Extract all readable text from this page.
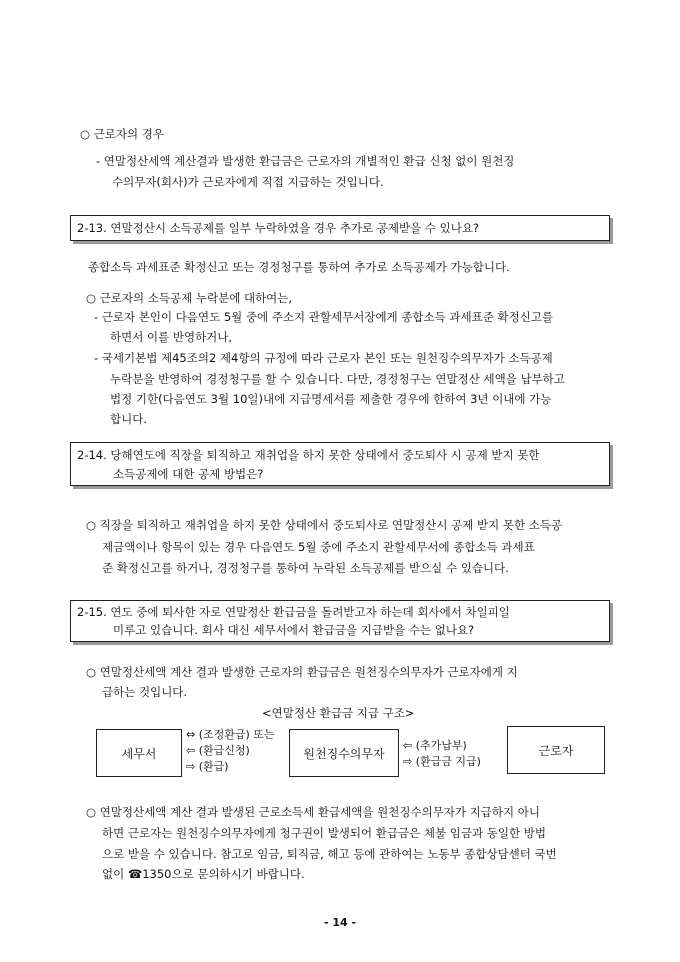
○ 근로자의 경우
- 연말정산세액 계산결과 발생한 환급금은 근로자의 개별적인 환급 신청 없이 원천징
수의무자(회사)가 근로자에게 직접 지급하는 것입니다.
2-13. 연말정산시 소득공제를 일부 누락하였을 경우 추가로 공제받을 수 있나요?
종합소득 과세표준 확정신고 또는 경정청구를 통하여 추가로 소득공제가 가능합니다.
○ 근로자의 소득공제 누락분에 대하여는,
- 근로자 본인이 다음연도 5월 중에 주소지 관할세무서장에게 종합소득 과세표준 확정신고를
하면서 이를 반영하거나,
- 국세기본법 제45조의2 제4항의 규정에 따라 근로자 본인 또는 원천징수의무자가 소득공제
누락분을 반영하여 경정청구를 할 수 있습니다. 다만, 경정청구는 연말정산 세액을 납부하고
법정 기한(다음연도 3월 10일)내에 지급명세서를 제출한 경우에 한하여 3년 이내에 가능
합니다.
2-14. 당해연도에 직장을 퇴직하고 재취업을 하지 못한 상태에서 중도퇴사 시 공제 받지 못한
소득공제에 대한 공제 방법은?
○ 직장을 퇴직하고 재취업을 하지 못한 상태에서 중도퇴사로 연말정산시 공제 받지 못한 소득공
제금액이나 항목이 있는 경우 다음연도 5월 중에 주소지 관할세무서에 종합소득 과세표
준 확정신고를 하거나, 경정청구를 통하여 누락된 소득공제를 받으실 수 있습니다.
2-15. 연도 중에 퇴사한 자로 연말정산 환급금을 돌려받고자 하는데 회사에서 차일피일
미루고 있습니다. 회사 대신 세무서에서 환급금을 지급받을 수는 없나요?
○ 연말정산세액 계산 결과 발생한 근로자의 환급금은 원천징수의무자가 근로자에게 지
급하는 것입니다.
<연말정산 환급금 지급 구조>
세무서
⇔ (조정환급) 또는
⇦ (환급신청)
⇨ (환급)
원천징수의무자
⇦ (추가납부)
⇨ (환급금 지급)
근로자
○ 연말정산세액 계산 결과 발생된 근로소득세 환급세액을 원천징수의무자가 지급하지 아니
하면 근로자는 원천징수의무자에게 청구권이 발생되어 환급금은 체불 임금과 동일한 방법
으로 받을 수 있습니다. 참고로 임금, 퇴직금, 해고 등에 관하여는 노동부 종합상담센터 국번
없이 ☎1350으로 문의하시기 바랍니다.
- 14 -
